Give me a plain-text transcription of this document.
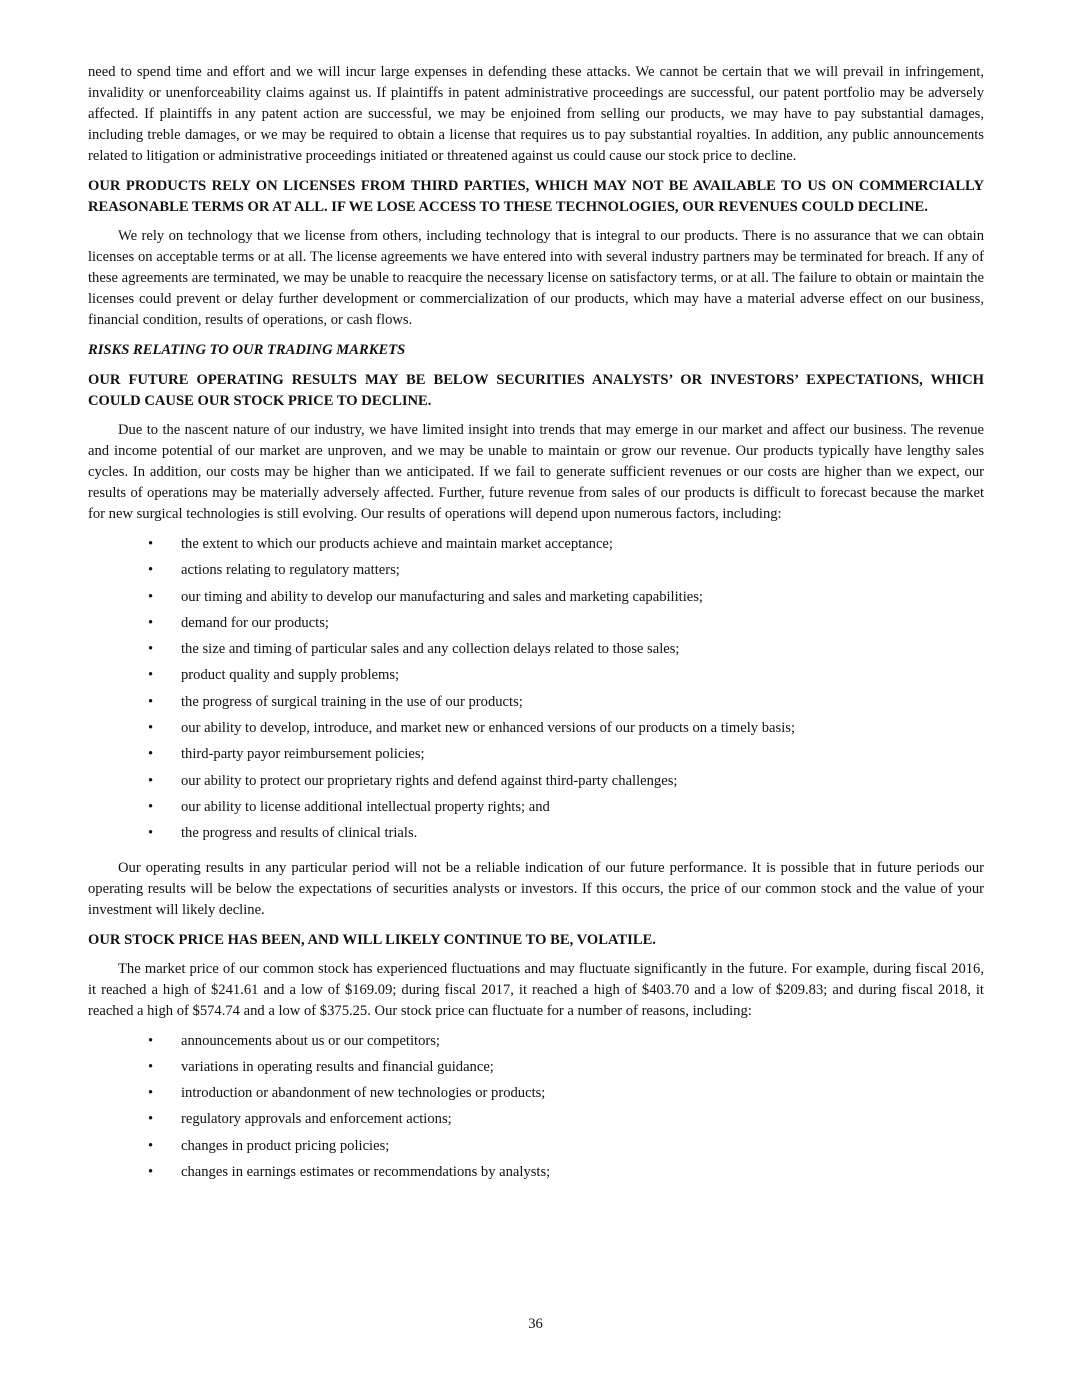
need to spend time and effort and we will incur large expenses in defending these attacks. We cannot be certain that we will prevail in infringement, invalidity or unenforceability claims against us. If plaintiffs in patent administrative proceedings are successful, our patent portfolio may be adversely affected. If plaintiffs in any patent action are successful, we may be enjoined from selling our products, we may have to pay substantial damages, including treble damages, or we may be required to obtain a license that requires us to pay substantial royalties. In addition, any public announcements related to litigation or administrative proceedings initiated or threatened against us could cause our stock price to decline.

OUR PRODUCTS RELY ON LICENSES FROM THIRD PARTIES, WHICH MAY NOT BE AVAILABLE TO US ON COMMERCIALLY REASONABLE TERMS OR AT ALL. IF WE LOSE ACCESS TO THESE TECHNOLOGIES, OUR REVENUES COULD DECLINE.

We rely on technology that we license from others, including technology that is integral to our products. There is no assurance that we can obtain licenses on acceptable terms or at all. The license agreements we have entered into with several industry partners may be terminated for breach. If any of these agreements are terminated, we may be unable to reacquire the necessary license on satisfactory terms, or at all. The failure to obtain or maintain the licenses could prevent or delay further development or commercialization of our products, which may have a material adverse effect on our business, financial condition, results of operations, or cash flows.

RISKS RELATING TO OUR TRADING MARKETS

OUR FUTURE OPERATING RESULTS MAY BE BELOW SECURITIES ANALYSTS’ OR INVESTORS’ EXPECTATIONS, WHICH COULD CAUSE OUR STOCK PRICE TO DECLINE.

Due to the nascent nature of our industry, we have limited insight into trends that may emerge in our market and affect our business. The revenue and income potential of our market are unproven, and we may be unable to maintain or grow our revenue. Our products typically have lengthy sales cycles. In addition, our costs may be higher than we anticipated. If we fail to generate sufficient revenues or our costs are higher than we expect, our results of operations may be materially adversely affected. Further, future revenue from sales of our products is difficult to forecast because the market for new surgical technologies is still evolving. Our results of operations will depend upon numerous factors, including:

• the extent to which our products achieve and maintain market acceptance;
• actions relating to regulatory matters;
• our timing and ability to develop our manufacturing and sales and marketing capabilities;
• demand for our products;
• the size and timing of particular sales and any collection delays related to those sales;
• product quality and supply problems;
• the progress of surgical training in the use of our products;
• our ability to develop, introduce, and market new or enhanced versions of our products on a timely basis;
• third-party payor reimbursement policies;
• our ability to protect our proprietary rights and defend against third-party challenges;
• our ability to license additional intellectual property rights; and
• the progress and results of clinical trials.

Our operating results in any particular period will not be a reliable indication of our future performance. It is possible that in future periods our operating results will be below the expectations of securities analysts or investors. If this occurs, the price of our common stock and the value of your investment will likely decline.

OUR STOCK PRICE HAS BEEN, AND WILL LIKELY CONTINUE TO BE, VOLATILE.

The market price of our common stock has experienced fluctuations and may fluctuate significantly in the future. For example, during fiscal 2016, it reached a high of $241.61 and a low of $169.09; during fiscal 2017, it reached a high of $403.70 and a low of $209.83; and during fiscal 2018, it reached a high of $574.74 and a low of $375.25. Our stock price can fluctuate for a number of reasons, including:

• announcements about us or our competitors;
• variations in operating results and financial guidance;
• introduction or abandonment of new technologies or products;
• regulatory approvals and enforcement actions;
• changes in product pricing policies;
• changes in earnings estimates or recommendations by analysts;
36
